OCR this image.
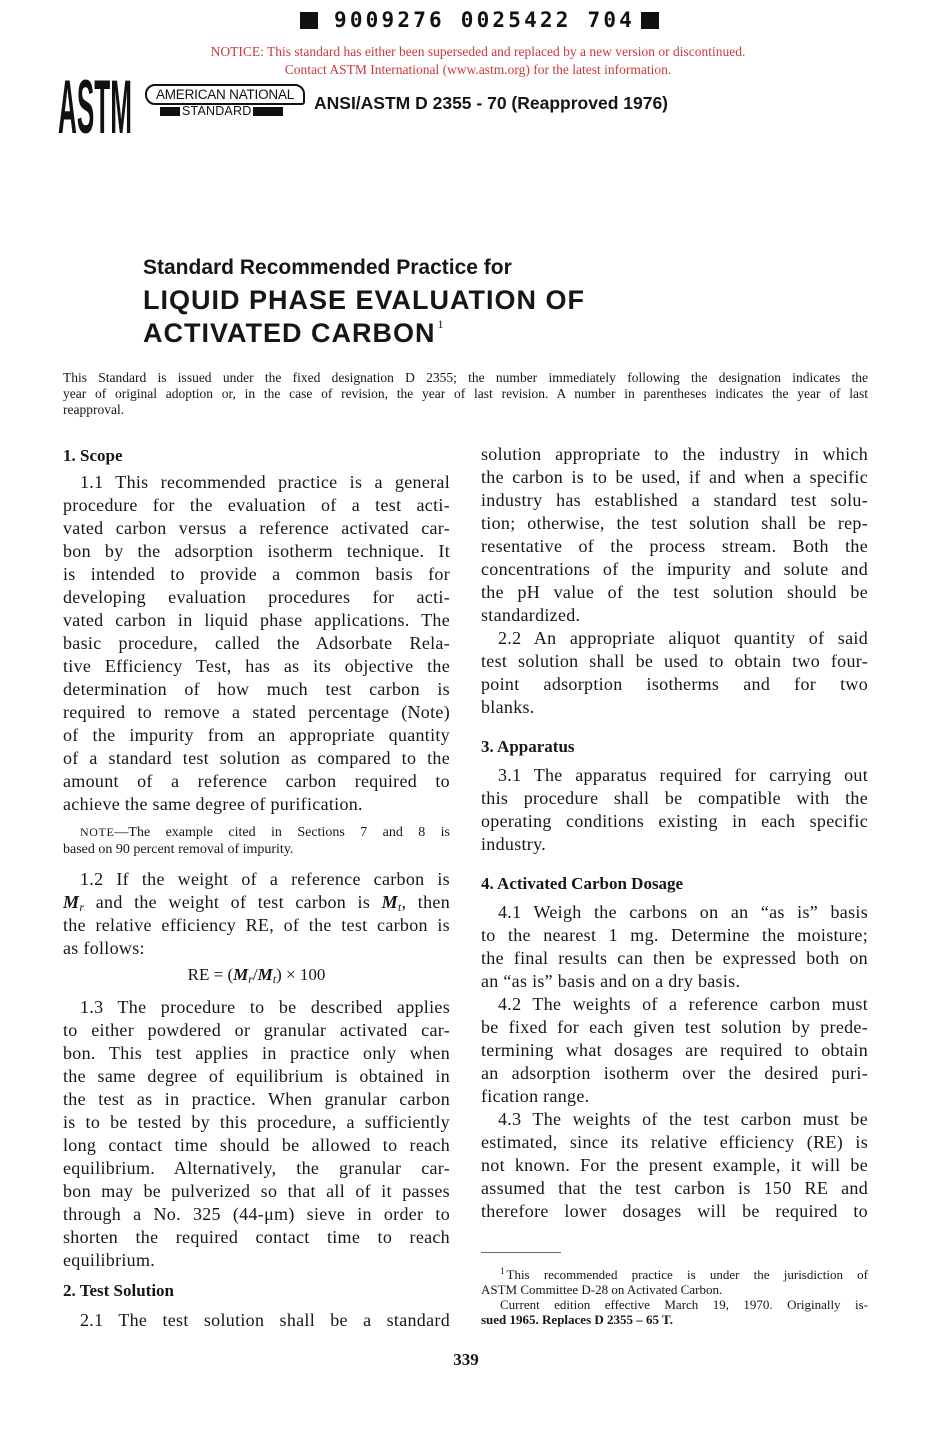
9009276 0025422 704
NOTICE: This standard has either been superseded and replaced by a new version or discontinued.
Contact ASTM International (www.astm.org) for the latest information.
ASTM	AMERICAN NATIONAL
STANDARD	ANSI/ASTM D 2355 - 70 (Reapproved 1976)
Standard Recommended Practice for
LIQUID PHASE EVALUATION OF
ACTIVATED CARBON $^1$
This Standard is issued under the fixed designation D 2355; the number immediately following the designation indicates the
year of original adoption or, in the case of revision, the year of last revision. A number in parentheses indicates the year of last
reapproval.
1. Scope
1.1 This recommended practice is a general
procedure for the evaluation of a test acti-
vated carbon versus a reference activated car-
bon by the adsorption isotherm technique. It
is intended to provide a common basis for
developing evaluation procedures for acti-
vated carbon in liquid phase applications. The
basic procedure, called the Adsorbate Rela-
tive Efficiency Test, has as its objective the
determination of how much test carbon is
required to remove a stated percentage (Note)
of the impurity from an appropriate quantity
of a standard test solution as compared to the
amount of a reference carbon required to
achieve the same degree of purification.
NOTE—The example cited in Sections 7 and 8 is
based on 90 percent removal of impurity.
1.2 If the weight of a reference carbon is
$M_r$ and the weight of test carbon is $M_t$, then
the relative efficiency RE, of the test carbon is
as follows:
RE = $(M_r/M_t) \times 100$
1.3 The procedure to be described applies
to either powdered or granular activated car-
bon. This test applies in practice only when
the same degree of equilibrium is obtained in
the test as in practice. When granular carbon
is to be tested by this procedure, a sufficiently
long contact time should be allowed to reach
equilibrium. Alternatively, the granular car-
bon may be pulverized so that all of it passes
through a No. 325 (44-μm) sieve in order to
shorten the required contact time to reach
equilibrium.
2. Test Solution
2.1 The test solution shall be a standard
solution appropriate to the industry in which
the carbon is to be used, if and when a specific
industry has established a standard test solu-
tion; otherwise, the test solution shall be rep-
resentative of the process stream. Both the
concentrations of the impurity and solute and
the pH value of the test solution should be
standardized.
2.2 An appropriate aliquot quantity of said
test solution shall be used to obtain two four-
point adsorption isotherms and for two
blanks.
3. Apparatus
3.1 The apparatus required for carrying out
this procedure shall be compatible with the
operating conditions existing in each specific
industry.
4. Activated Carbon Dosage
4.1 Weigh the carbons on an “as is” basis
to the nearest 1 mg. Determine the moisture;
the final results can then be expressed both on
an “as is” basis and on a dry basis.
4.2 The weights of a reference carbon must
be fixed for each given test solution by prede-
termining what dosages are required to obtain
an adsorption isotherm over the desired puri-
fication range.
4.3 The weights of the test carbon must be
estimated, since its relative efficiency (RE) is
not known. For the present example, it will be
assumed that the test carbon is 150 RE and
therefore lower dosages will be required to
$^1$ This recommended practice is under the jurisdiction of
ASTM Committee D-28 on Activated Carbon.
Current edition effective March 19, 1970. Originally is-
sued 1965. Replaces D 2355 – 65 T.
339
